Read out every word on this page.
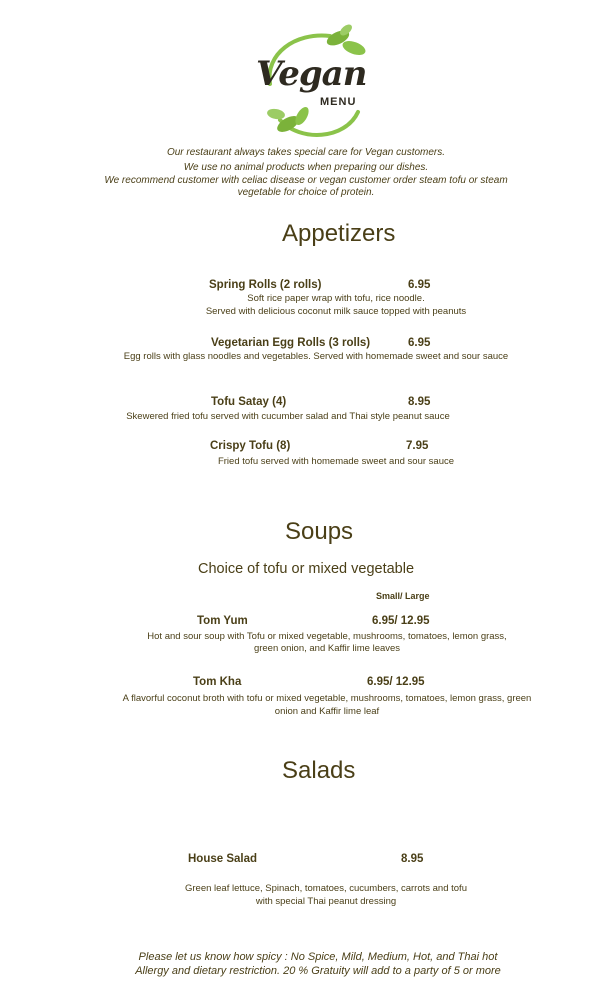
Vegan
MENU
Our restaurant always takes special care for Vegan customers.
We use no animal products when preparing our dishes.
We recommend customer with celiac disease or vegan customer order steam tofu or steam
vegetable for choice of protein.
Appetizers
Spring Rolls (2 rolls)	6.95
Soft rice paper wrap with tofu, rice noodle.
Served with delicious coconut milk sauce topped with peanuts
Vegetarian Egg Rolls (3 rolls)	6.95
Egg rolls with glass noodles and vegetables. Served with homemade sweet and sour sauce
Tofu Satay (4)	8.95
Skewered fried tofu served with cucumber salad and Thai style peanut sauce
Crispy Tofu (8)	7.95
Fried tofu served with homemade sweet and sour sauce
Soups
Choice of tofu or mixed vegetable
Small/ Large
Tom Yum	6.95/ 12.95
Hot and sour soup with Tofu or mixed vegetable, mushrooms, tomatoes, lemon grass,
green onion, and Kaffir lime leaves
Tom Kha	6.95/ 12.95
A flavorful coconut broth with tofu or mixed vegetable, mushrooms, tomatoes, lemon grass, green
onion and Kaffir lime leaf
Salads
House Salad	8.95
Green leaf lettuce, Spinach, tomatoes, cucumbers, carrots and tofu
with special Thai peanut dressing
Please let us know how spicy : No Spice, Mild, Medium, Hot, and Thai hot
Allergy and dietary restriction. 20 % Gratuity will add to a party of 5 or more
